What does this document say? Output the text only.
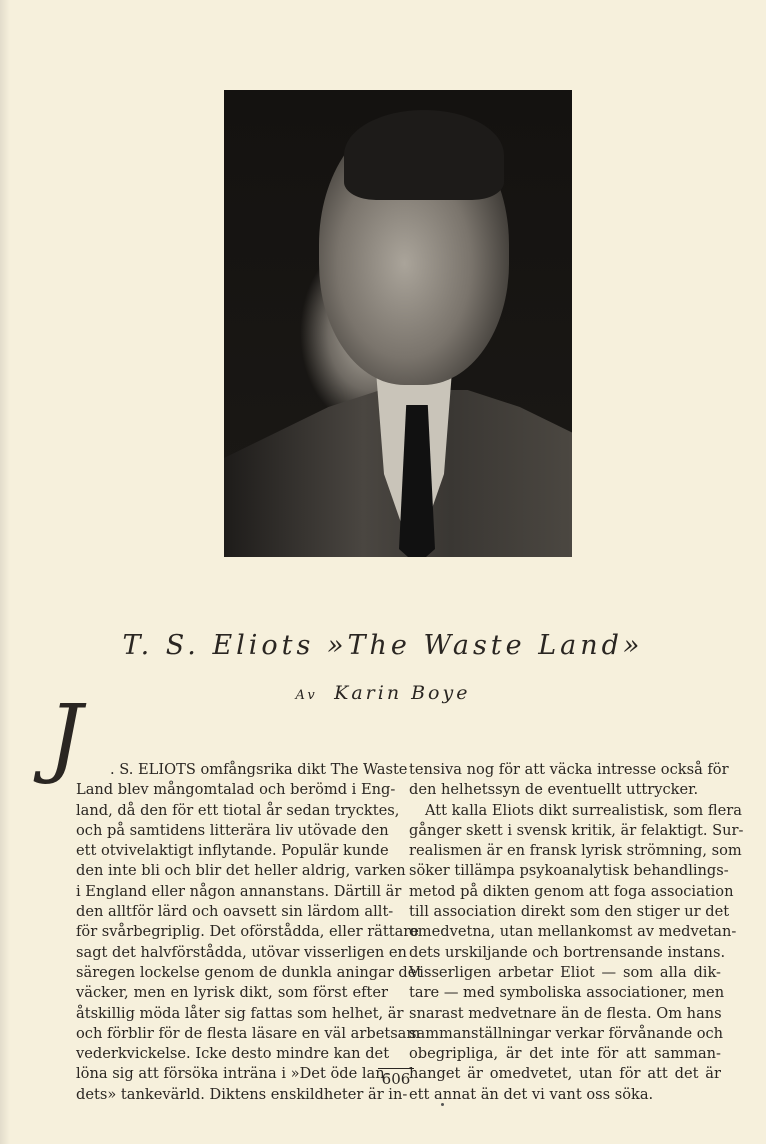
T. S. Eliots »The Waste Land»
Av Karin Boye
J	. S. ELIOTS omfångsrika dikt The Waste
Land blev mångomtalad och berömd i Eng-
land, då den för ett tiotal år sedan trycktes,
och på samtidens litterära liv utövade den
ett otvivelaktigt inflytande. Populär kunde
den inte bli och blir det heller aldrig, varken
i England eller någon annanstans. Därtill är
den alltför lärd och oavsett sin lärdom allt-
för svårbegriplig. Det oförstådda, eller rättare
sagt det halvförstådda, utövar visserligen en
säregen lockelse genom de dunkla aningar det
väcker, men en lyrisk dikt, som först efter
åtskillig möda låter sig fattas som helhet, är
och förblir för de flesta läsare en väl arbetsam
vederkvickelse. Icke desto mindre kan det
löna sig att försöka inträna i »Det öde lan-
dets» tankevärld. Diktens enskildheter är in-
tensiva nog för att väcka intresse också för
den helhetssyn de eventuellt uttrycker.
Att kalla Eliots dikt surrealistisk, som flera
gånger skett i svensk kritik, är felaktigt. Sur-
realismen är en fransk lyrisk strömning, som
söker tillämpa psykoanalytisk behandlings-
metod på dikten genom att foga association
till association direkt som den stiger ur det
omedvetna, utan mellankomst av medvetan-
dets urskiljande och bortrensande instans.
Visserligen arbetar Eliot — som alla dik-
tare — med symboliska associationer, men
snarast medvetnare än de flesta. Om hans
sammanställningar verkar förvånande och
obegripliga, är det inte för att samman-
hanget är omedvetet, utan för att det är
ett annat än det vi vant oss söka.
606
